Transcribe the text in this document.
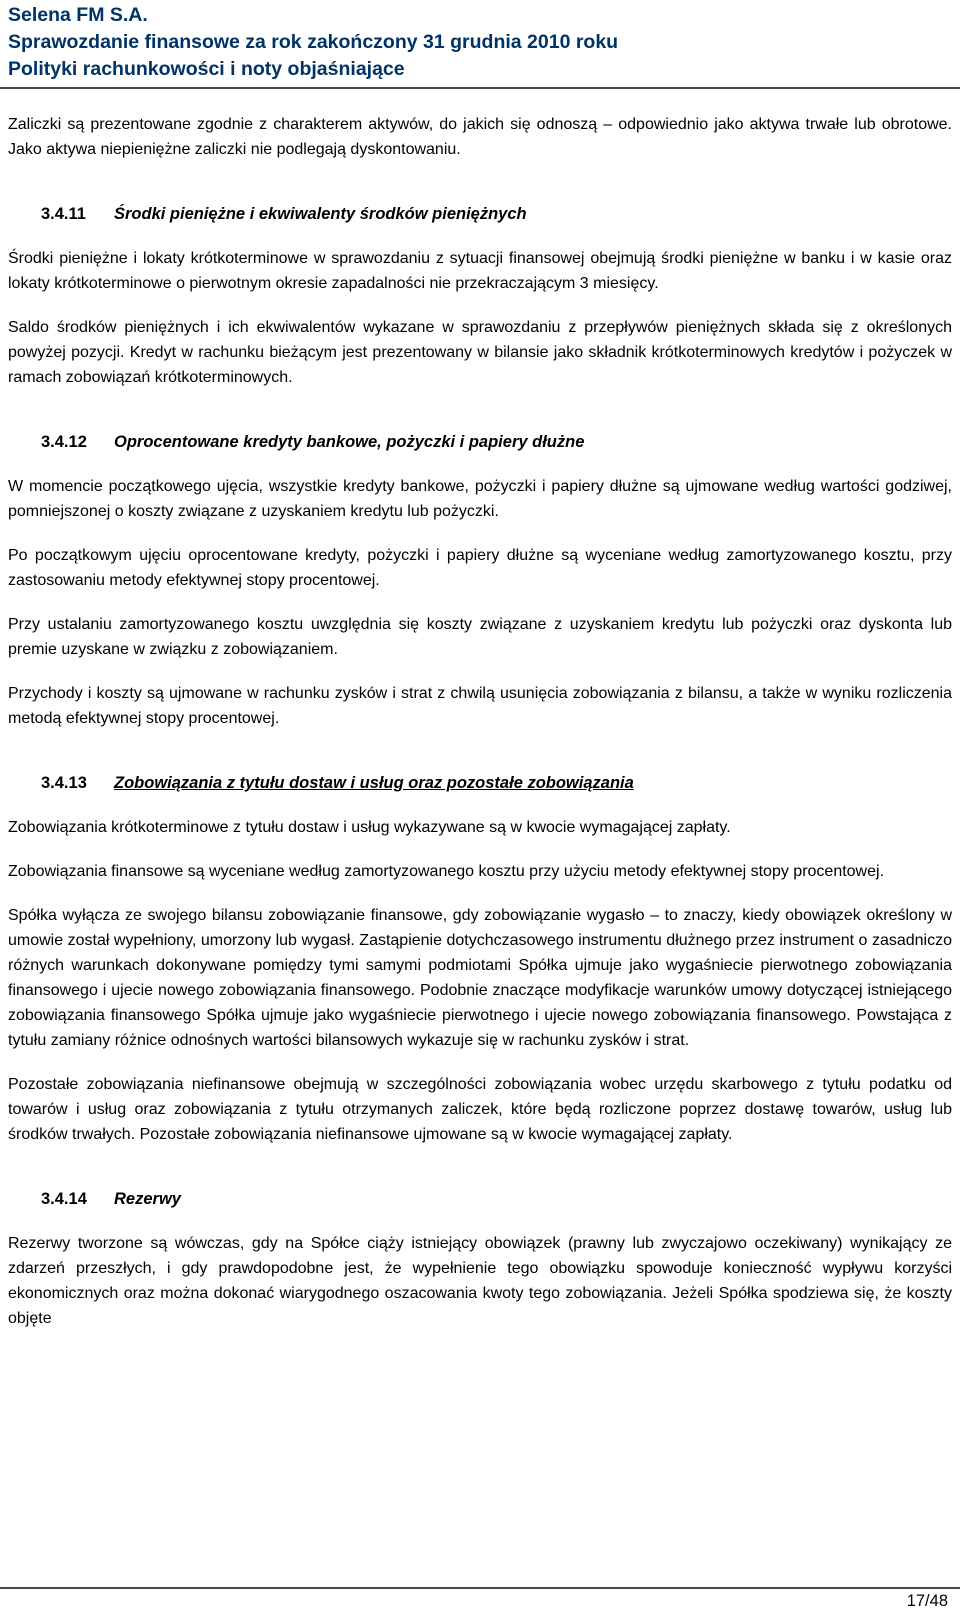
Selena FM S.A.
Sprawozdanie finansowe za rok zakończony 31 grudnia 2010 roku
Polityki rachunkowości i noty objaśniające

Zaliczki są prezentowane zgodnie z charakterem aktywów, do jakich się odnoszą – odpowiednio jako aktywa trwałe lub obrotowe. Jako aktywa niepieniężne zaliczki nie podlegają dyskontowaniu.

3.4.11 Środki pieniężne i ekwiwalenty środków pieniężnych

Środki pieniężne i lokaty krótkoterminowe w sprawozdaniu z sytuacji finansowej obejmują środki pieniężne w banku i w kasie oraz lokaty krótkoterminowe o pierwotnym okresie zapadalności nie przekraczającym 3 miesięcy.

Saldo środków pieniężnych i ich ekwiwalentów wykazane w sprawozdaniu z przepływów pieniężnych składa się z określonych powyżej pozycji. Kredyt w rachunku bieżącym jest prezentowany w bilansie jako składnik krótkoterminowych kredytów i pożyczek w ramach zobowiązań krótkoterminowych.

3.4.12 Oprocentowane kredyty bankowe, pożyczki i papiery dłużne

W momencie początkowego ujęcia, wszystkie kredyty bankowe, pożyczki i papiery dłużne są ujmowane według wartości godziwej, pomniejszonej o koszty związane z uzyskaniem kredytu lub pożyczki.

Po początkowym ujęciu oprocentowane kredyty, pożyczki i papiery dłużne są wyceniane według zamortyzowanego kosztu, przy zastosowaniu metody efektywnej stopy procentowej.

Przy ustalaniu zamortyzowanego kosztu uwzględnia się koszty związane z uzyskaniem kredytu lub pożyczki oraz dyskonta lub premie uzyskane w związku z zobowiązaniem.

Przychody i koszty są ujmowane w rachunku zysków i strat z chwilą usunięcia zobowiązania z bilansu, a także w wyniku rozliczenia metodą efektywnej stopy procentowej.

3.4.13 Zobowiązania z tytułu dostaw i usług oraz pozostałe zobowiązania

Zobowiązania krótkoterminowe z tytułu dostaw i usług wykazywane są w kwocie wymagającej zapłaty.

Zobowiązania finansowe są wyceniane według zamortyzowanego kosztu przy użyciu metody efektywnej stopy procentowej.

Spółka wyłącza ze swojego bilansu zobowiązanie finansowe, gdy zobowiązanie wygasło – to znaczy, kiedy obowiązek określony w umowie został wypełniony, umorzony lub wygasł. Zastąpienie dotychczasowego instrumentu dłużnego przez instrument o zasadniczo różnych warunkach dokonywane pomiędzy tymi samymi podmiotami Spółka ujmuje jako wygaśniecie pierwotnego zobowiązania finansowego i ujecie nowego zobowiązania finansowego. Podobnie znaczące modyfikacje warunków umowy dotyczącej istniejącego zobowiązania finansowego Spółka ujmuje jako wygaśniecie pierwotnego i ujecie nowego zobowiązania finansowego. Powstająca z tytułu zamiany różnice odnośnych wartości bilansowych wykazuje się w rachunku zysków i strat.

Pozostałe zobowiązania niefinansowe obejmują w szczególności zobowiązania wobec urzędu skarbowego z tytułu podatku od towarów i usług oraz zobowiązania z tytułu otrzymanych zaliczek, które będą rozliczone poprzez dostawę towarów, usług lub środków trwałych. Pozostałe zobowiązania niefinansowe ujmowane są w kwocie wymagającej zapłaty.

3.4.14 Rezerwy

Rezerwy tworzone są wówczas, gdy na Spółce ciąży istniejący obowiązek (prawny lub zwyczajowo oczekiwany) wynikający ze zdarzeń przeszłych, i gdy prawdopodobne jest, że wypełnienie tego obowiązku spowoduje konieczność wypływu korzyści ekonomicznych oraz można dokonać wiarygodnego oszacowania kwoty tego zobowiązania. Jeżeli Spółka spodziewa się, że koszty objęte

17/48
